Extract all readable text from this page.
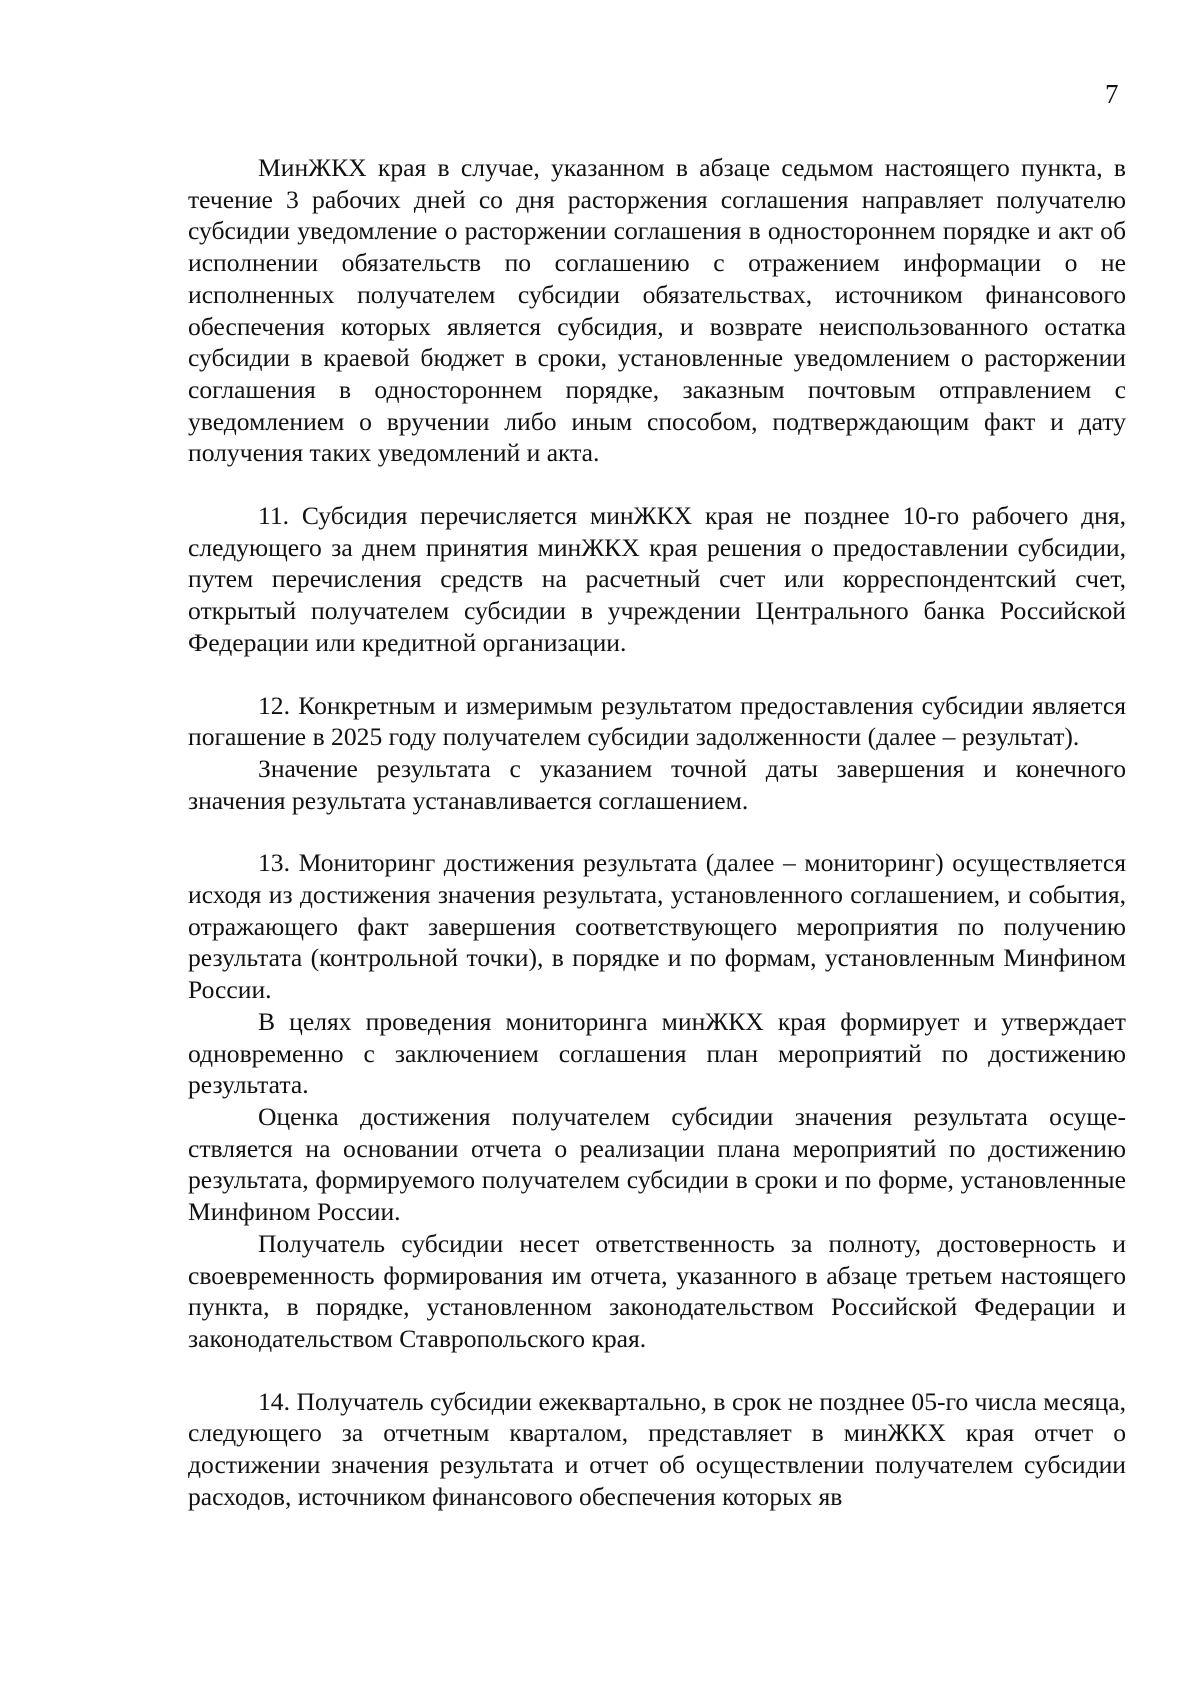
7

МинЖКХ края в случае, указанном в абзаце седьмом настоящего пункта, в течение 3 рабочих дней со дня расторжения соглашения направляет получателю субсидии уведомление о расторжении соглашения в одностороннем порядке и акт об исполнении обязательств по соглашению с отражением информации о не исполненных получателем субсидии обязательствах, источником финансового обеспечения которых является субсидия, и возврате неиспользованного остатка субсидии в краевой бюджет в сроки, установленные уведомлением о расторжении соглашения в одностороннем порядке, заказным почтовым отправлением с уведомлением о вручении либо иным способом, подтверждающим факт и дату получения таких уведомлений и акта.

11. Субсидия перечисляется минЖКХ края не позднее 10-го рабочего дня, следующего за днем принятия минЖКХ края решения о предоставлении субсидии, путем перечисления средств на расчетный счет или корреспондентский счет, открытый получателем субсидии в учреждении Центрального банка Российской Федерации или кредитной организации.

12. Конкретным и измеримым результатом предоставления субсидии является погашение в 2025 году получателем субсидии задолженности (далее – результат).

Значение результата с указанием точной даты завершения и конечного значения результата устанавливается соглашением.

13. Мониторинг достижения результата (далее – мониторинг) осуществляется исходя из достижения значения результата, установленного соглашением, и события, отражающего факт завершения соответствующего мероприятия по получению результата (контрольной точки), в порядке и по формам, установленным Минфином России.

В целях проведения мониторинга минЖКХ края формирует и утверждает одновременно с заключением соглашения план мероприятий по достижению результата.

Оценка достижения получателем субсидии значения результата осуществляется на основании отчета о реализации плана мероприятий по достижению результата, формируемого получателем субсидии в сроки и по форме, установленные Минфином России.

Получатель субсидии несет ответственность за полноту, достоверность и своевременность формирования им отчета, указанного в абзаце третьем настоящего пункта, в порядке, установленном законодательством Российской Федерации и законодательством Ставропольского края.

14. Получатель субсидии ежеквартально, в срок не позднее 05-го числа месяца, следующего за отчетным кварталом, представляет в минЖКХ края отчет о достижении значения результата и отчет об осуществлении получателем субсидии расходов, источником финансового обеспечения которых яв
